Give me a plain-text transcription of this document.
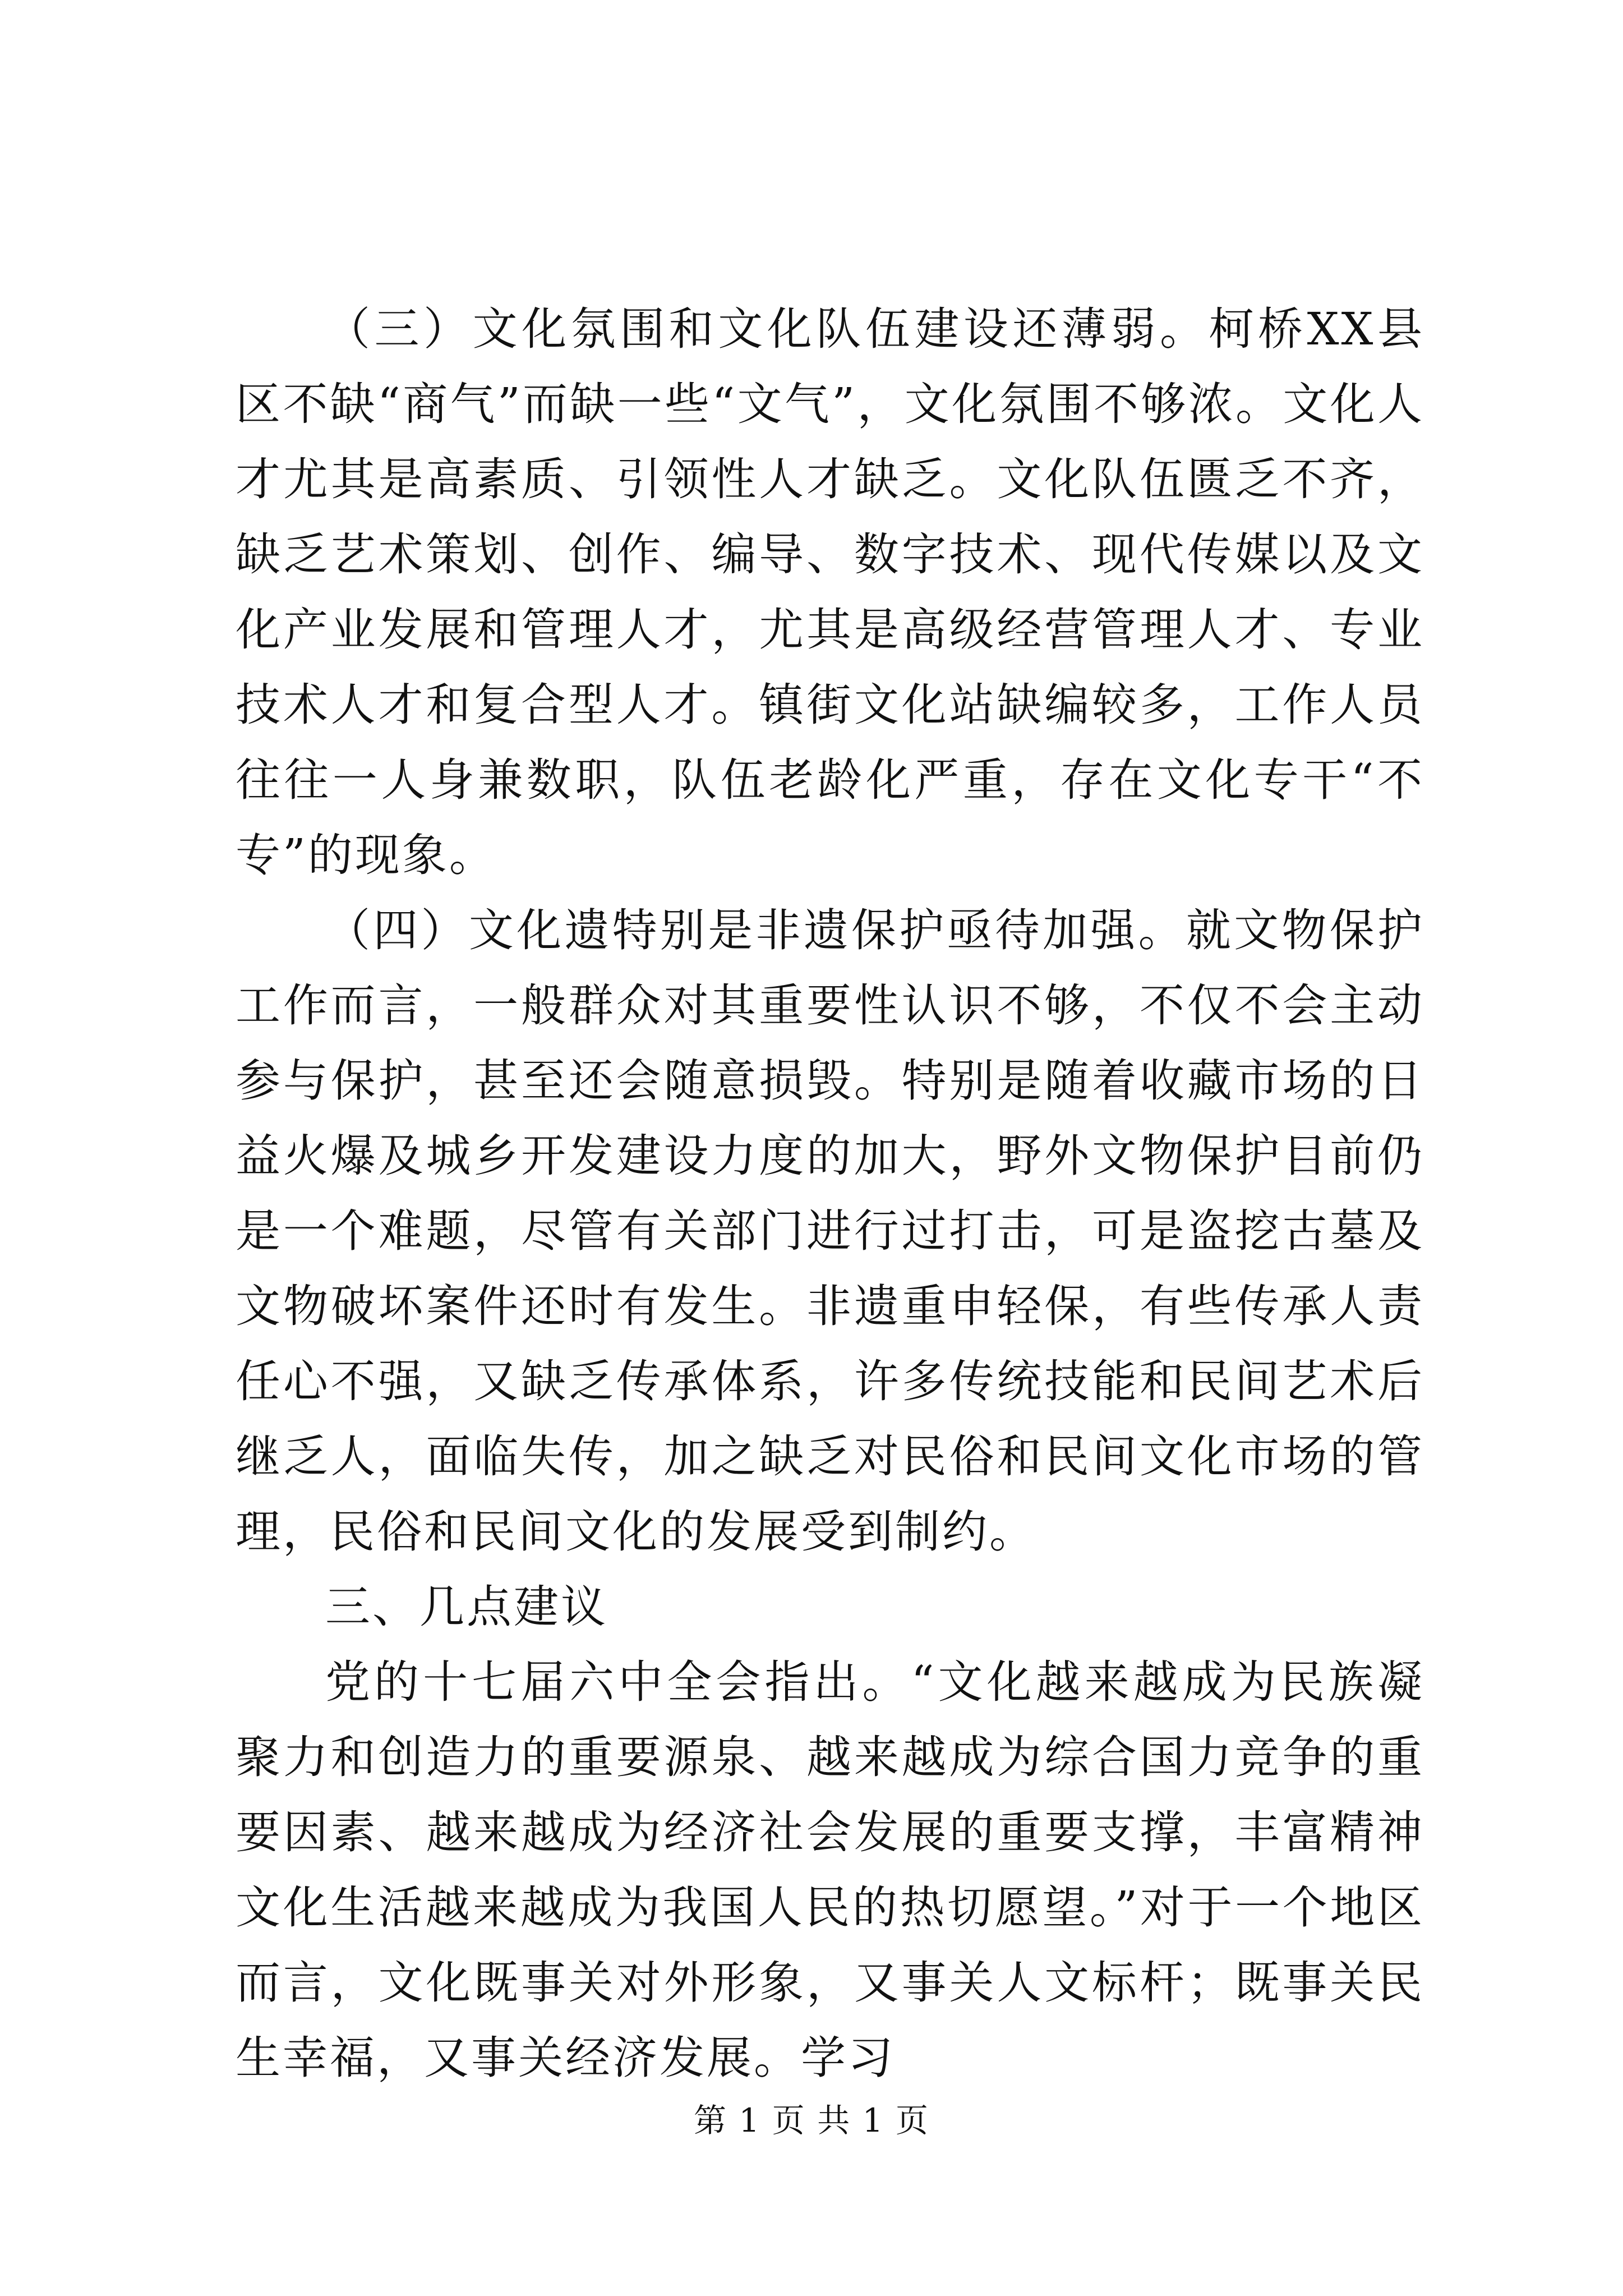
（三）文化氛围和文化队伍建设还薄弱。柯桥XX县区不缺“商气”而缺一些“文气”，文化氛围不够浓。文化人才尤其是高素质、引领性人才缺乏。文化队伍匮乏不齐，缺乏艺术策划、创作、编导、数字技术、现代传媒以及文化产业发展和管理人才，尤其是高级经营管理人才、专业技术人才和复合型人才。镇街文化站缺编较多，工作人员往往一人身兼数职，队伍老龄化严重，存在文化专干“不专”的现象。

（四）文化遗特别是非遗保护亟待加强。就文物保护工作而言，一般群众对其重要性认识不够，不仅不会主动参与保护，甚至还会随意损毁。特别是随着收藏市场的日益火爆及城乡开发建设力度的加大，野外文物保护目前仍是一个难题，尽管有关部门进行过打击，可是盗挖古墓及文物破坏案件还时有发生。非遗重申轻保，有些传承人责任心不强，又缺乏传承体系，许多传统技能和民间艺术后继乏人，面临失传，加之缺乏对民俗和民间文化市场的管理，民俗和民间文化的发展受到制约。

三、几点建议

党的十七届六中全会指出。“文化越来越成为民族凝聚力和创造力的重要源泉、越来越成为综合国力竞争的重要因素、越来越成为经济社会发展的重要支撑，丰富精神文化生活越来越成为我国人民的热切愿望。”对于一个地区而言，文化既事关对外形象，又事关人文标杆；既事关民生幸福，又事关经济发展。学习

第 1 页 共 1 页
